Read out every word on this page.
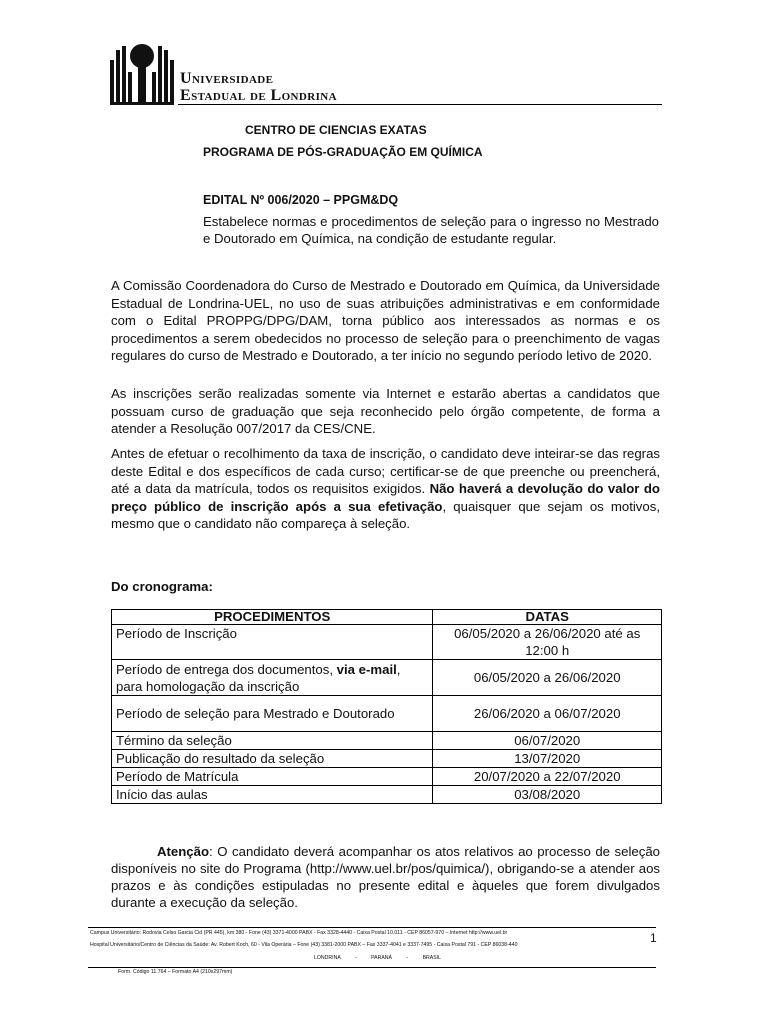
Universidade
Estadual de Londrina
CENTRO DE CIENCIAS EXATAS
PROGRAMA DE PÓS-GRADUAÇÃO EM QUÍMICA
EDITAL Nº 006/2020 – PPGM&DQ
Estabelece normas e procedimentos de seleção para o ingresso no Mestrado e Doutorado em Química, na condição de estudante regular.
A Comissão Coordenadora do Curso de Mestrado e Doutorado em Química, da Universidade Estadual de Londrina-UEL, no uso de suas atribuições administrativas e em conformidade com o Edital PROPPG/DPG/DAM, torna público aos interessados as normas e os procedimentos a serem obedecidos no processo de seleção para o preenchimento de vagas regulares do curso de Mestrado e Doutorado, a ter início no segundo período letivo de 2020.
As inscrições serão realizadas somente via Internet e estarão abertas a candidatos que possuam curso de graduação que seja reconhecido pelo órgão competente, de forma a atender a Resolução 007/2017 da CES/CNE.
Antes de efetuar o recolhimento da taxa de inscrição, o candidato deve inteirar-se das regras deste Edital e dos específicos de cada curso; certificar-se de que preenche ou preencherá, até a data da matrícula, todos os requisitos exigidos. Não haverá a devolução do valor do preço público de inscrição após a sua efetivação, quaisquer que sejam os motivos, mesmo que o candidato não compareça à seleção.
Do cronograma:
PROCEDIMENTOS	DATAS
Período de Inscrição	06/05/2020 a 26/06/2020 até as 12:00 h
Período de entrega dos documentos, via e-mail, para homologação da inscrição	06/05/2020 a 26/06/2020
Período de seleção para Mestrado e Doutorado	26/06/2020 a 06/07/2020
Término da seleção	06/07/2020
Publicação do resultado da seleção	13/07/2020
Período de Matrícula	20/07/2020 a 22/07/2020
Início das aulas	03/08/2020
Atenção: O candidato deverá acompanhar os atos relativos ao processo de seleção disponíveis no site do Programa (http://www.uel.br/pos/quimica/), obrigando-se a atender aos prazos e às condições estipuladas no presente edital e àqueles que forem divulgados durante a execução da seleção.
Campus Universitário: Rodovia Celso Garcia Cid (PR 445), km 380 - Fone (43) 3371-4000 PABX - Fax 3328-4440 - Caixa Postal 10.011 - CEP 86057-970 – Internet http://www.uel.br	1
Hospital Universitário/Centro de Ciências da Saúde: Av. Robert Koch, 60 - Vila Operária – Fone (43) 3381-2000 PABX – Fax 3337-4041 e 3337-7495 - Caixa Postal 791 - CEP 86038-440
LONDRINA          -          PARANÁ          -          BRASIL
Form. Código 11.764 – Formato A4 (210x297mm)
